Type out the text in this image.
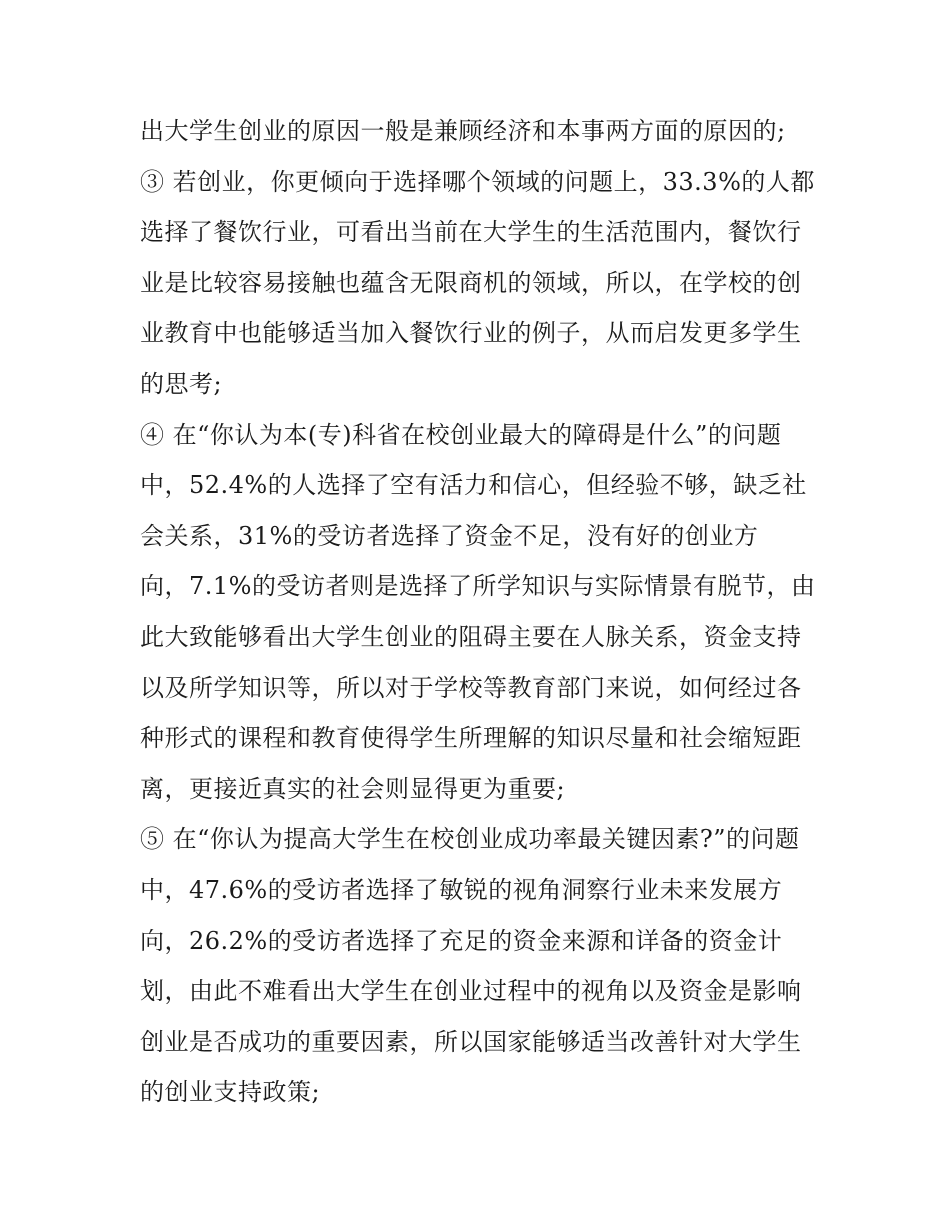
出大学生创业的原因一般是兼顾经济和本事两方面的原因的;
③ 若创业，你更倾向于选择哪个领域的问题上，33.3%的人都
选择了餐饮行业，可看出当前在大学生的生活范围内，餐饮行
业是比较容易接触也蕴含无限商机的领域，所以，在学校的创
业教育中也能够适当加入餐饮行业的例子，从而启发更多学生
的思考;
④ 在“你认为本(专)科省在校创业最大的障碍是什么”的问题
中，52.4%的人选择了空有活力和信心，但经验不够，缺乏社
会关系，31%的受访者选择了资金不足，没有好的创业方
向，7.1%的受访者则是选择了所学知识与实际情景有脱节，由
此大致能够看出大学生创业的阻碍主要在人脉关系，资金支持
以及所学知识等，所以对于学校等教育部门来说，如何经过各
种形式的课程和教育使得学生所理解的知识尽量和社会缩短距
离，更接近真实的社会则显得更为重要;
⑤ 在“你认为提高大学生在校创业成功率最关键因素?”的问题
中，47.6%的受访者选择了敏锐的视角洞察行业未来发展方
向，26.2%的受访者选择了充足的资金来源和详备的资金计
划，由此不难看出大学生在创业过程中的视角以及资金是影响
创业是否成功的重要因素，所以国家能够适当改善针对大学生
的创业支持政策;
